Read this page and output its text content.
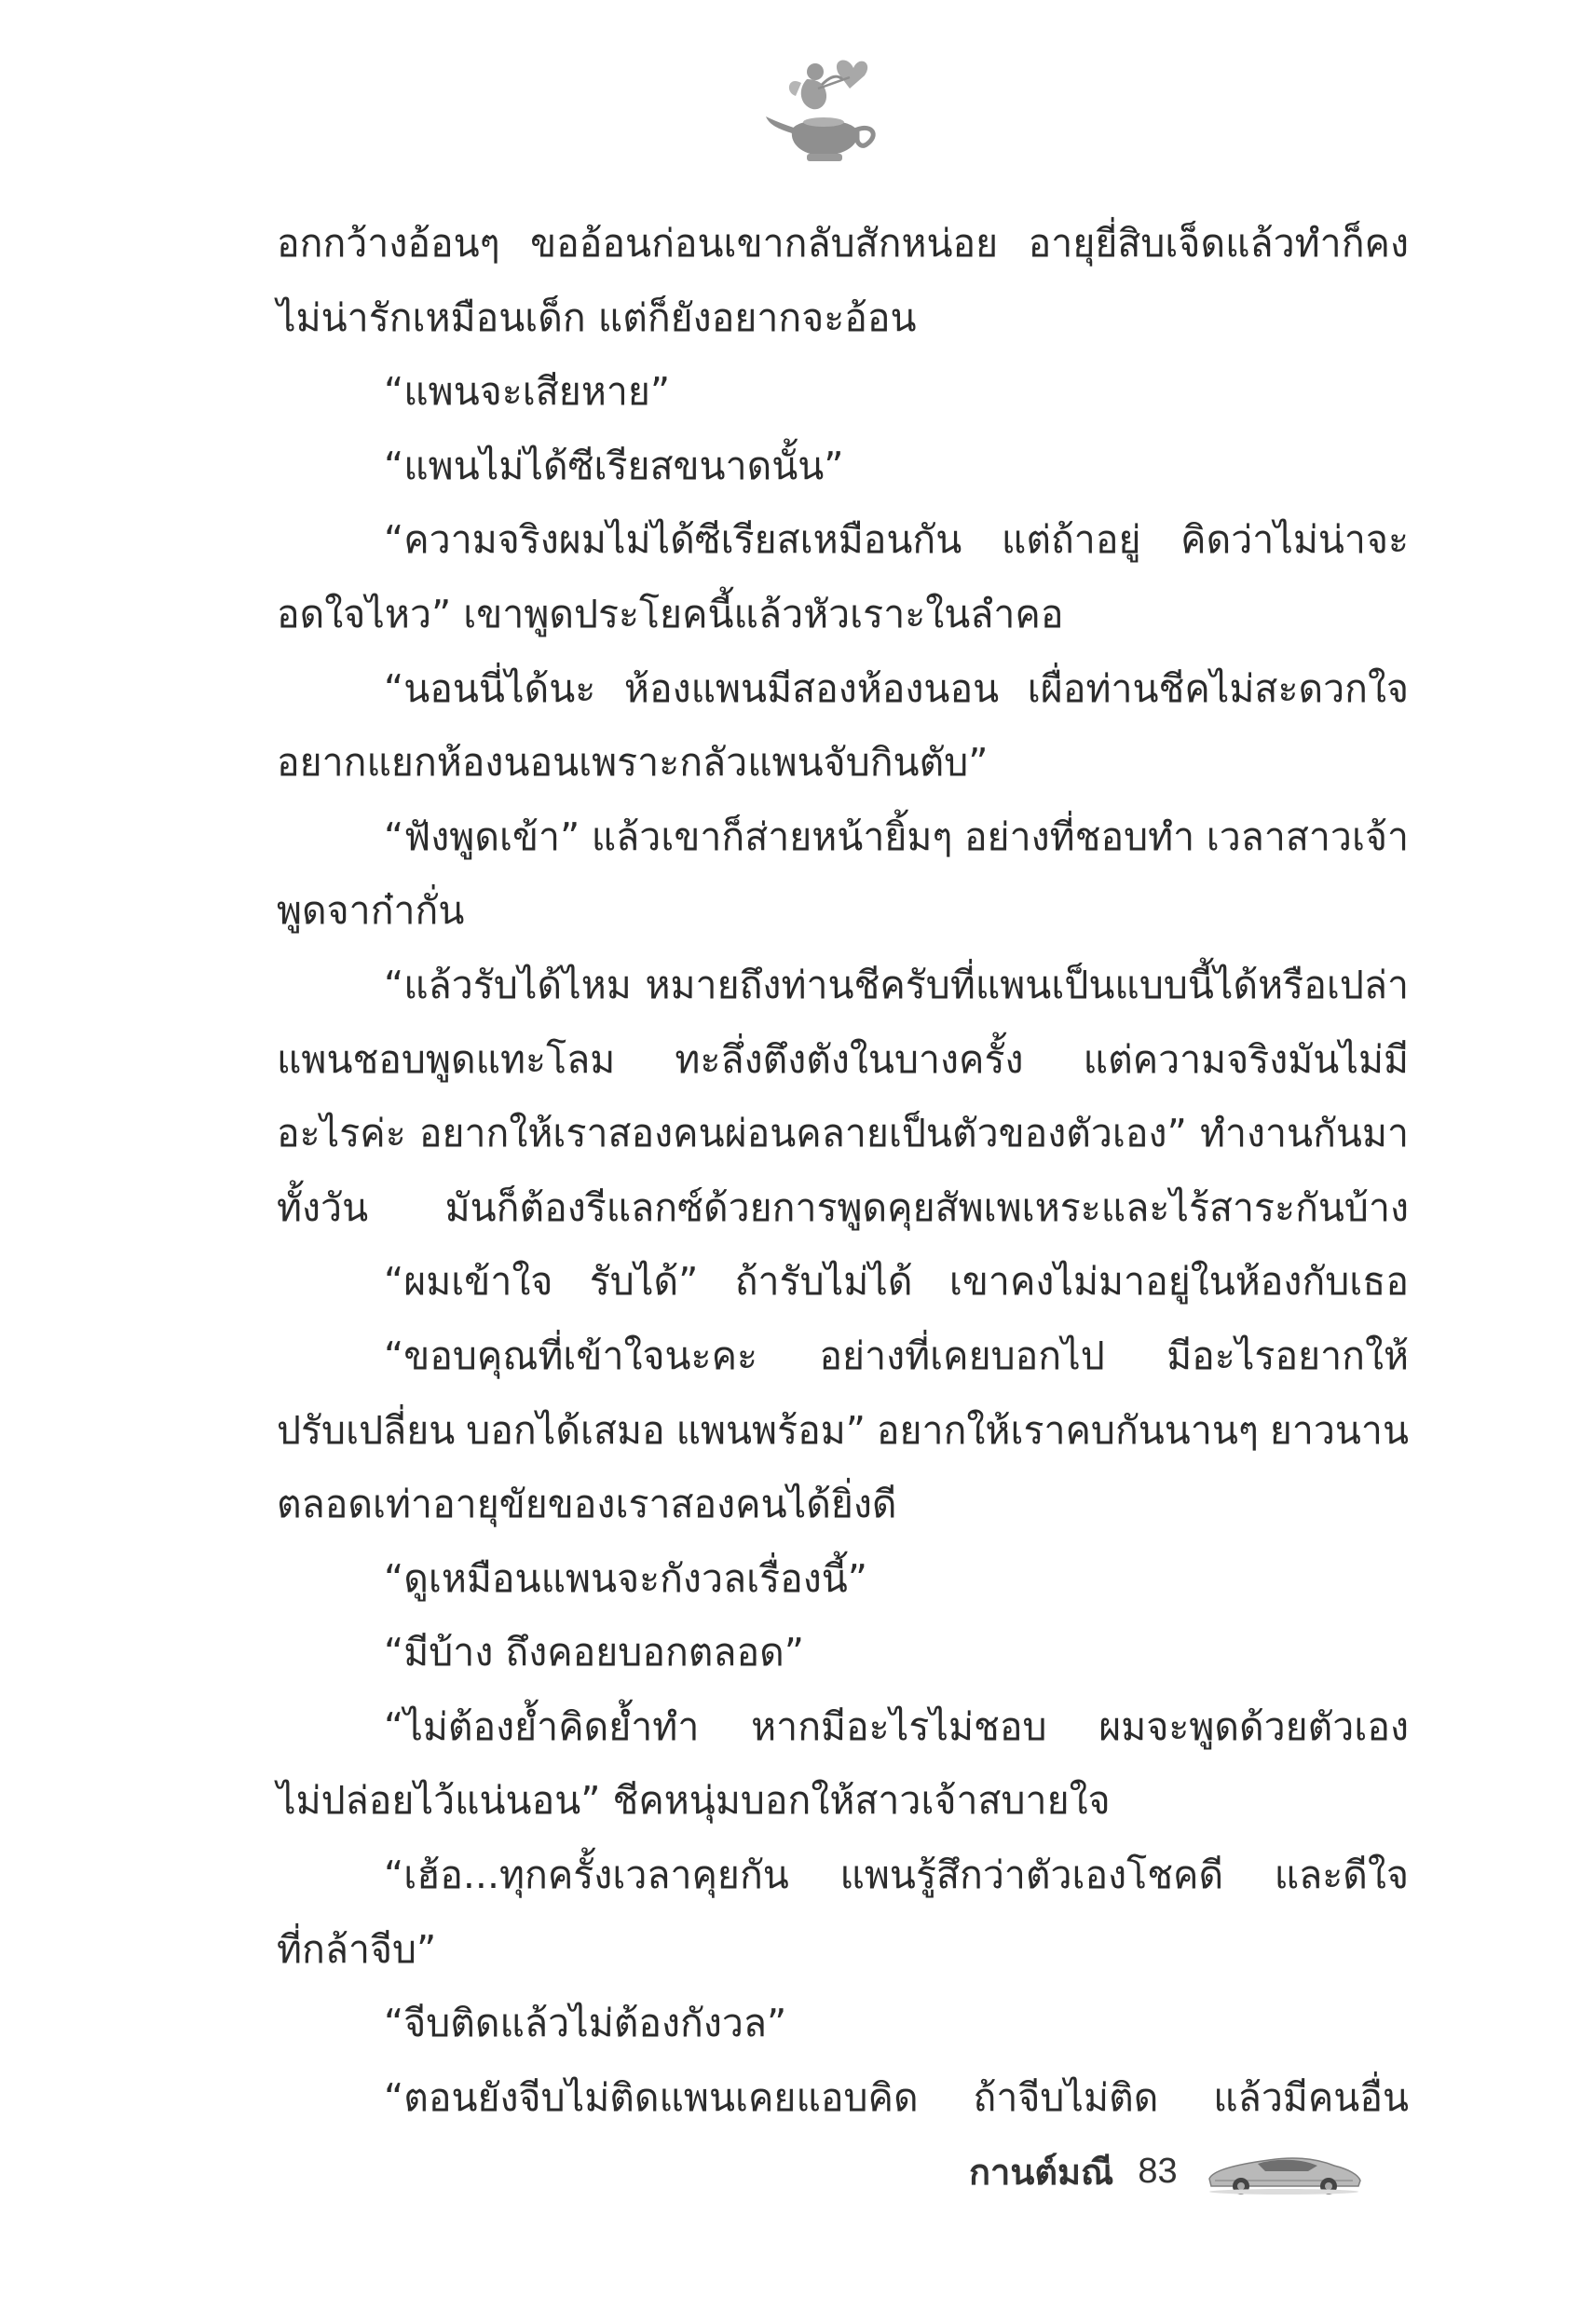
อกกว้างอ้อนๆ ขออ้อนก่อนเขากลับสักหน่อย อายุยี่สิบเจ็ดแล้วทำก็คง
ไม่น่ารักเหมือนเด็ก แต่ก็ยังอยากจะอ้อน
“แพนจะเสียหาย”
“แพนไม่ได้ซีเรียสขนาดนั้น”
“ความจริงผมไม่ได้ซีเรียสเหมือนกัน แต่ถ้าอยู่ คิดว่าไม่น่าจะ
อดใจไหว” เขาพูดประโยคนี้แล้วหัวเราะในลำคอ
“นอนนี่ได้นะ ห้องแพนมีสองห้องนอน เผื่อท่านชีคไม่สะดวกใจ
อยากแยกห้องนอนเพราะกลัวแพนจับกินตับ”
“ฟังพูดเข้า” แล้วเขาก็ส่ายหน้ายิ้มๆ อย่างที่ชอบทำ เวลาสาวเจ้า
พูดจาก๋ากั่น
“แล้วรับได้ไหม หมายถึงท่านชีครับที่แพนเป็นแบบนี้ได้หรือเปล่า
แพนชอบพูดแทะโลม ทะลึ่งตึงตังในบางครั้ง แต่ความจริงมันไม่มี
อะไรค่ะ อยากให้เราสองคนผ่อนคลายเป็นตัวของตัวเอง” ทำงานกันมา
ทั้งวัน มันก็ต้องรีแลกซ์ด้วยการพูดคุยสัพเพเหระและไร้สาระกันบ้าง
“ผมเข้าใจ รับได้” ถ้ารับไม่ได้ เขาคงไม่มาอยู่ในห้องกับเธอ
“ขอบคุณที่เข้าใจนะคะ อย่างที่เคยบอกไป มีอะไรอยากให้
ปรับเปลี่ยน บอกได้เสมอ แพนพร้อม” อยากให้เราคบกันนานๆ ยาวนาน
ตลอดเท่าอายุขัยของเราสองคนได้ยิ่งดี
“ดูเหมือนแพนจะกังวลเรื่องนี้”
“มีบ้าง ถึงคอยบอกตลอด”
“ไม่ต้องย้ำคิดย้ำทำ หากมีอะไรไม่ชอบ ผมจะพูดด้วยตัวเอง
ไม่ปล่อยไว้แน่นอน” ชีคหนุ่มบอกให้สาวเจ้าสบายใจ
“เฮ้อ...ทุกครั้งเวลาคุยกัน แพนรู้สึกว่าตัวเองโชคดี และดีใจ
ที่กล้าจีบ”
“จีบติดแล้วไม่ต้องกังวล”
“ตอนยังจีบไม่ติดแพนเคยแอบคิด ถ้าจีบไม่ติด แล้วมีคนอื่น
กานต์มณี 83
